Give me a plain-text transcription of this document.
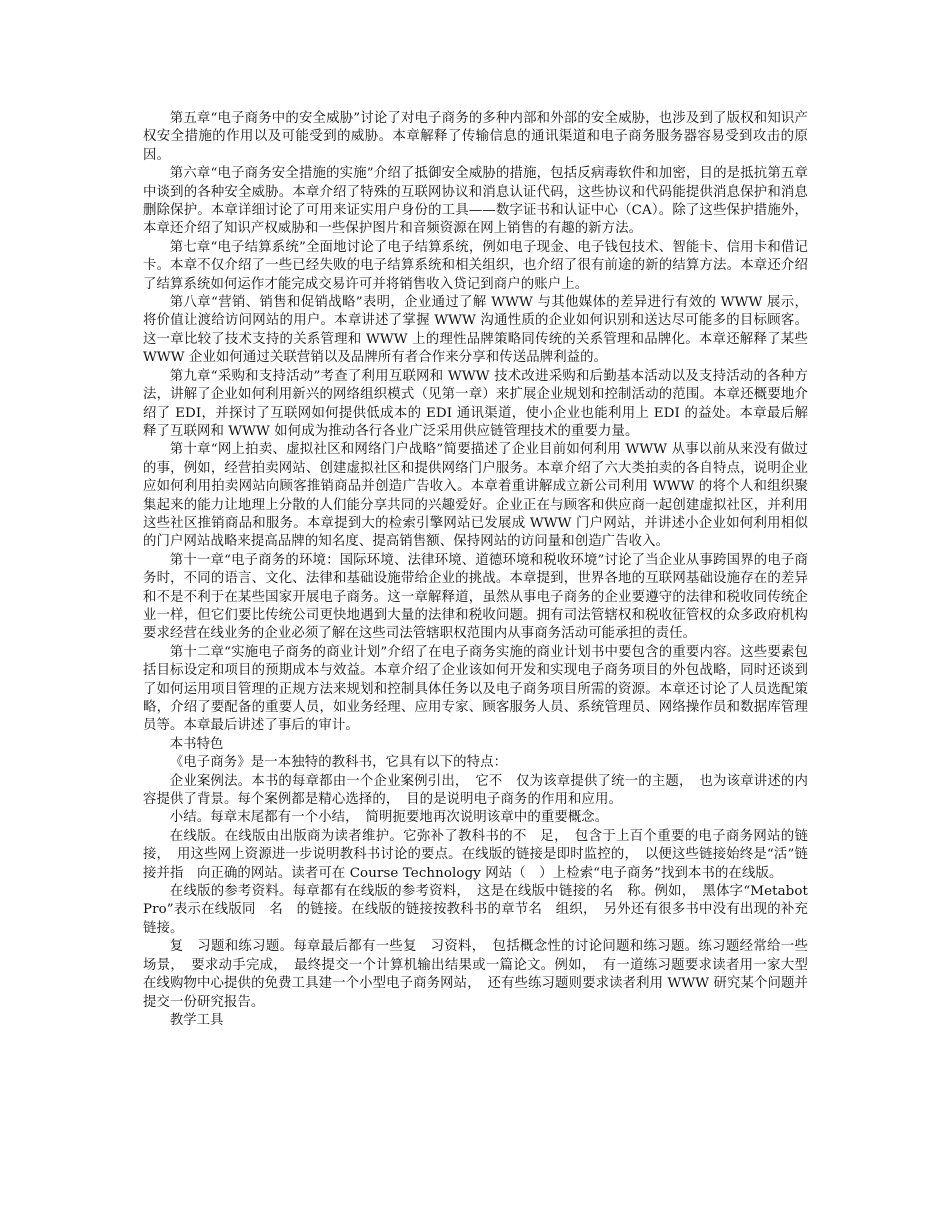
第五章“电子商务中的安全威胁”讨论了对电子商务的多种内部和外部的安全威胁，也涉及到了版权和知识产权安全措施的作用以及可能受到的威胁。本章解释了传输信息的通讯渠道和电子商务服务器容易受到攻击的原因。

第六章“电子商务安全措施的实施”介绍了抵御安全威胁的措施，包括反病毒软件和加密，目的是抵抗第五章中谈到的各种安全威胁。本章介绍了特殊的互联网协议和消息认证代码，这些协议和代码能提供消息保护和消息删除保护。本章详细讨论了可用来证实用户身份的工具——数字证书和认证中心（CA）。除了这些保护措施外，本章还介绍了知识产权威胁和一些保护图片和音频资源在网上销售的有趣的新方法。

第七章“电子结算系统”全面地讨论了电子结算系统，例如电子现金、电子钱包技术、智能卡、信用卡和借记卡。本章不仅介绍了一些已经失败的电子结算系统和相关组织，也介绍了很有前途的新的结算方法。本章还介绍了结算系统如何运作才能完成交易许可并将销售收入贷记到商户的账户上。

第八章“营销、销售和促销战略”表明，企业通过了解 WWW 与其他媒体的差异进行有效的 WWW 展示，将价值让渡给访问网站的用户。本章讲述了掌握 WWW 沟通性质的企业如何识别和送达尽可能多的目标顾客。这一章比较了技术支持的关系管理和 WWW 上的理性品牌策略同传统的关系管理和品牌化。本章还解释了某些 WWW 企业如何通过关联营销以及品牌所有者合作来分享和传送品牌利益的。

第九章“采购和支持活动”考查了利用互联网和 WWW 技术改进采购和后勤基本活动以及支持活动的各种方法，讲解了企业如何利用新兴的网络组织模式（见第一章）来扩展企业规划和控制活动的范围。本章还概要地介绍了 EDI，并探讨了互联网如何提供低成本的 EDI 通讯渠道，使小企业也能利用上 EDI 的益处。本章最后解释了互联网和 WWW 如何成为推动各行各业广泛采用供应链管理技术的重要力量。

第十章“网上拍卖、虚拟社区和网络门户战略”简要描述了企业目前如何利用 WWW 从事以前从来没有做过的事，例如，经营拍卖网站、创建虚拟社区和提供网络门户服务。本章介绍了六大类拍卖的各自特点，说明企业应如何利用拍卖网站向顾客推销商品并创造广告收入。本章着重讲解成立新公司利用 WWW 的将个人和组织聚集起来的能力让地理上分散的人们能分享共同的兴趣爱好。企业正在与顾客和供应商一起创建虚拟社区，并利用这些社区推销商品和服务。本章提到大的检索引擎网站已发展成 WWW 门户网站，并讲述小企业如何利用相似的门户网站战略来提高品牌的知名度、提高销售额、保持网站的访问量和创造广告收入。

第十一章“电子商务的环境：国际环境、法律环境、道德环境和税收环境”讨论了当企业从事跨国界的电子商务时，不同的语言、文化、法律和基础设施带给企业的挑战。本章提到，世界各地的互联网基础设施存在的差异和不是不利于在某些国家开展电子商务。这一章解释道，虽然从事电子商务的企业要遵守的法律和税收同传统企业一样，但它们要比传统公司更快地遇到大量的法律和税收问题。拥有司法管辖权和税收征管权的众多政府机构要求经营在线业务的企业必须了解在这些司法管辖职权范围内从事商务活动可能承担的责任。

第十二章“实施电子商务的商业计划”介绍了在电子商务实施的商业计划书中要包含的重要内容。这些要素包括目标设定和项目的预期成本与效益。本章介绍了企业该如何开发和实现电子商务项目的外包战略，同时还谈到了如何运用项目管理的正规方法来规划和控制具体任务以及电子商务项目所需的资源。本章还讨论了人员选配策略，介绍了要配备的重要人员，如业务经理、应用专家、顾客服务人员、系统管理员、网络操作员和数据库管理员等。本章最后讲述了事后的审计。

本书特色

《电子商务》是一本独特的教科书，它具有以下的特点：

企业案例法。本书的每章都由一个企业案例引出，　它不　仅为该章提供了统一的主题，　也为该章讲述的内容提供了背景。每个案例都是精心选择的，　目的是说明电子商务的作用和应用。

小结。每章末尾都有一个小结，　简明扼要地再次说明该章中的重要概念。

在线版。在线版由出版商为读者维护。它弥补了教科书的不　足，　包含于上百个重要的电子商务网站的链接，　用这些网上资源进一步说明教科书讨论的要点。在线版的链接是即时监控的，　以便这些链接始终是“活”链接并指　向正确的网站。读者可在 Course Technology 网站（　）上检索“电子商务”找到本书的在线版。

在线版的参考资料。每章都有在线版的参考资料，　这是在线版中链接的名　称。例如，　黑体字“Metabot Pro”表示在线版同　名　的链接。在线版的链接按教科书的章节名　组织，　另外还有很多书中没有出现的补充链接。

复　习题和练习题。每章最后都有一些复　习资料，　包括概念性的讨论问题和练习题。练习题经常给一些场景，　要求动手完成，　最终提交一个计算机输出结果或一篇论文。例如，　有一道练习题要求读者用一家大型在线购物中心提供的免费工具建一个小型电子商务网站，　还有些练习题则要求读者利用 WWW 研究某个问题并提交一份研究报告。

教学工具
